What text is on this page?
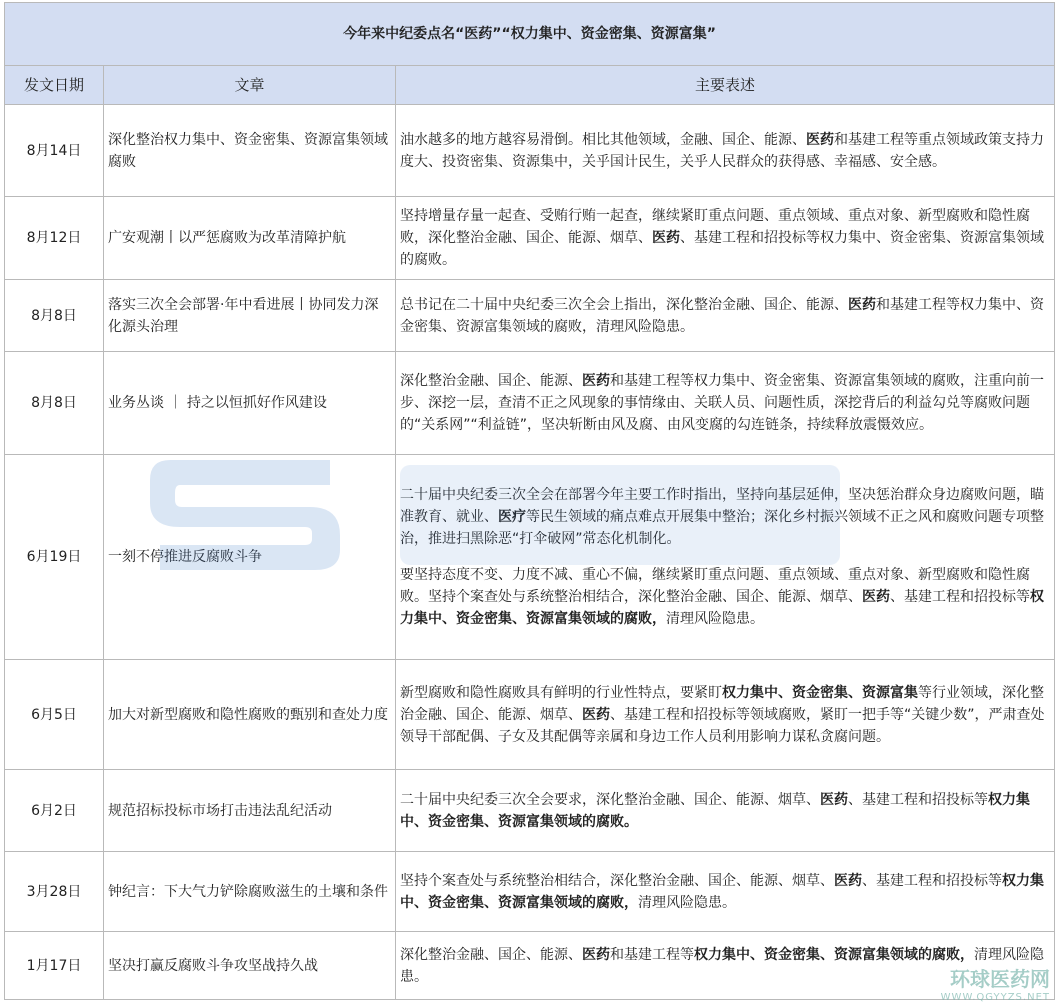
今年来中纪委点名“医药”“权力集中、资金密集、资源富集”		
发文日期	文章	主要表述
8月14日	深化整治权力集中、资金密集、资源富集领域腐败	油水越多的地方越容易滑倒。相比其他领域，金融、国企、能源、医药和基建工程等重点领域政策支持力度大、投资密集、资源集中，关乎国计民生，关乎人民群众的获得感、幸福感、安全感。

8月12日	广安观潮丨以严惩腐败为改革清障护航	坚持增量存量一起查、受贿行贿一起查，继续紧盯重点问题、重点领域、重点对象、新型腐败和隐性腐败，深化整治金融、国企、能源、烟草、医药、基建工程和招投标等权力集中、资金密集、资源富集领域的腐败。

8月8日	落实三次全会部署·年中看进展丨协同发力深化源头治理	总书记在二十届中央纪委三次全会上指出，深化整治金融、国企、能源、医药和基建工程等权力集中、资金密集、资源富集领域的腐败，清理风险隐患。

8月8日	业务丛谈 ｜ 持之以恒抓好作风建设	深化整治金融、国企、能源、医药和基建工程等权力集中、资金密集、资源富集领域的腐败，注重向前一步、深挖一层，查清不正之风现象的事情缘由、关联人员、问题性质，深挖背后的利益勾兑等腐败问题的“关系网”“利益链”，坚决斩断由风及腐、由风变腐的勾连链条，持续释放震慑效应。

6月19日	一刻不停推进反腐败斗争	二十届中央纪委三次全会在部署今年主要工作时指出，坚持向基层延伸，坚决惩治群众身边腐败问题，瞄准教育、就业、医疗等民生领域的痛点难点开展集中整治；深化乡村振兴领域不正之风和腐败问题专项整治，推进扫黑除恶“打伞破网”常态化机制化。

要坚持态度不变、力度不减、重心不偏，继续紧盯重点问题、重点领域、重点对象、新型腐败和隐性腐败。坚持个案查处与系统整治相结合，深化整治金融、国企、能源、烟草、医药、基建工程和招投标等权力集中、资金密集、资源富集领域的腐败，清理风险隐患。

6月5日	加大对新型腐败和隐性腐败的甄别和查处力度	新型腐败和隐性腐败具有鲜明的行业性特点，要紧盯权力集中、资金密集、资源富集等行业领域，深化整治金融、国企、能源、烟草、医药、基建工程和招投标等领域腐败，紧盯一把手等“关键少数”，严肃查处领导干部配偶、子女及其配偶等亲属和身边工作人员利用影响力谋私贪腐问题。

6月2日	规范招标投标市场打击违法乱纪活动	二十届中央纪委三次全会要求，深化整治金融、国企、能源、烟草、医药、基建工程和招投标等权力集中、资金密集、资源富集领域的腐败。

3月28日	钟纪言：下大气力铲除腐败滋生的土壤和条件	坚持个案查处与系统整治相结合，深化整治金融、国企、能源、烟草、医药、基建工程和招投标等权力集中、资金密集、资源富集领域的腐败，清理风险隐患。

1月17日	坚决打赢反腐败斗争攻坚战持久战	深化整治金融、国企、能源、医药和基建工程等权力集中、资金密集、资源富集领域的腐败，清理风险隐患。	环球医药网
WWW.QGYYZS.NET
